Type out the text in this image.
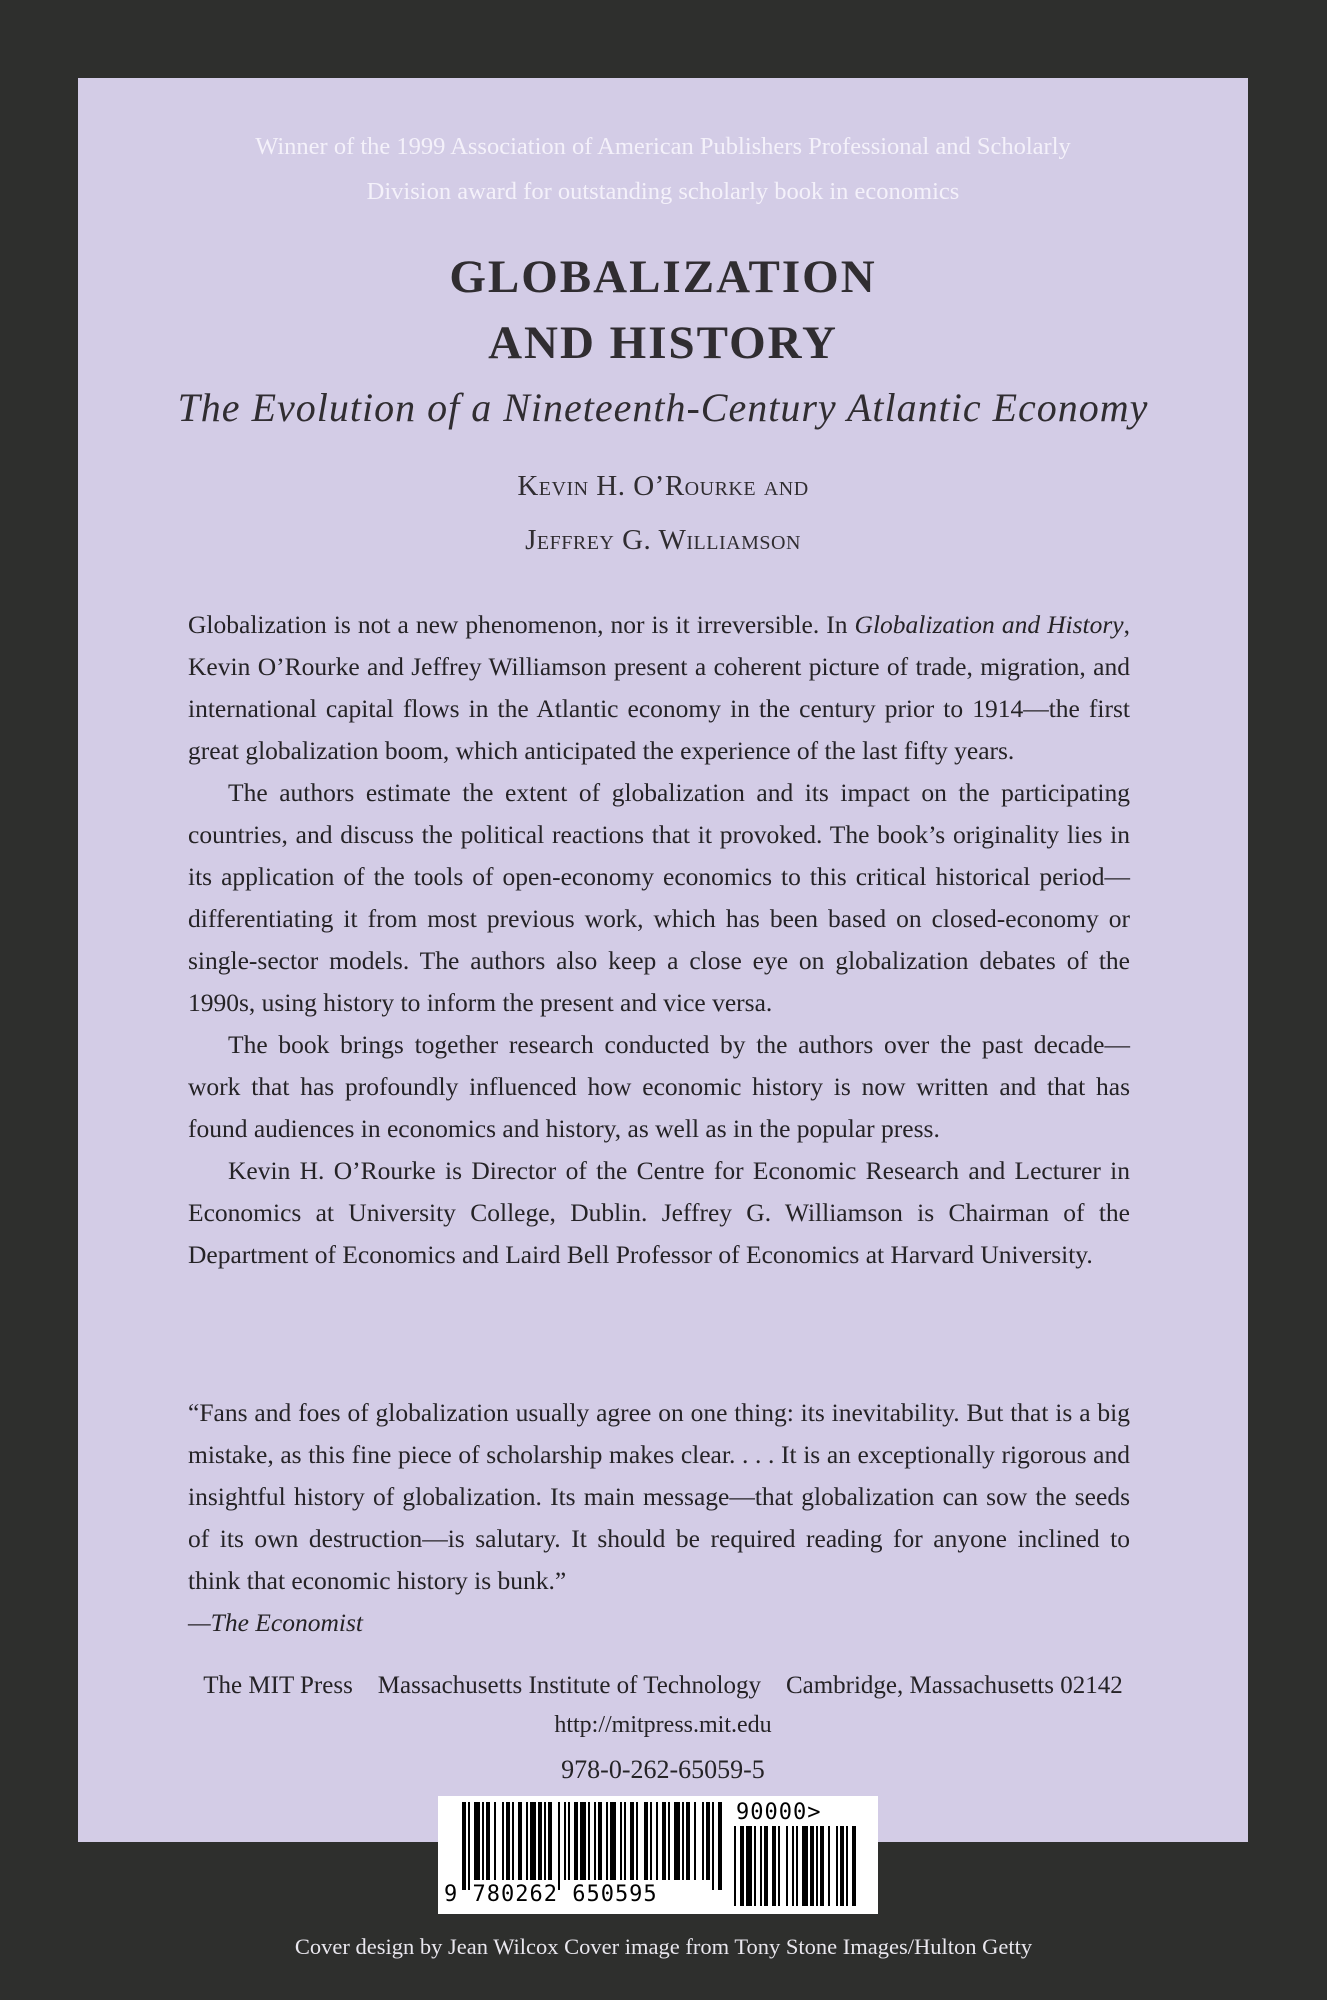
Winner of the 1999 Association of American Publishers Professional and Scholarly
Division award for outstanding scholarly book in economics
GLOBALIZATION
AND HISTORY
The Evolution of a Nineteenth-Century Atlantic Economy
Kevin H. O’Rourke and
Jeffrey G. Williamson

Globalization is not a new phenomenon, nor is it irreversible. In Globalization and History, Kevin O’Rourke and Jeffrey Williamson present a coherent picture of trade, migration, and international capital flows in the Atlantic economy in the century prior to 1914—the first great globalization boom, which anticipated the experience of the last fifty years.

The authors estimate the extent of globalization and its impact on the participating countries, and discuss the political reactions that it provoked. The book’s originality lies in its application of the tools of open-economy economics to this critical historical period—differentiating it from most previous work, which has been based on closed-economy or single-sector models. The authors also keep a close eye on globalization debates of the 1990s, using history to inform the present and vice versa.

The book brings together research conducted by the authors over the past decade—work that has profoundly influenced how economic history is now written and that has found audiences in economics and history, as well as in the popular press.

Kevin H. O’Rourke is Director of the Centre for Economic Research and Lecturer in Economics at University College, Dublin. Jeffrey G. Williamson is Chairman of the Department of Economics and Laird Bell Professor of Economics at Harvard University.

“Fans and foes of globalization usually agree on one thing: its inevitability. But that is a big mistake, as this fine piece of scholarship makes clear. . . . It is an exceptionally rigorous and insightful history of globalization. Its main message—that globalization can sow the seeds of its own destruction—is salutary. It should be required reading for anyone inclined to think that economic history is bunk.”

—The Economist

The MIT Press    Massachusetts Institute of Technology    Cambridge, Massachusetts 02142
http://mitpress.mit.edu
978-0-262-65059-5
9 780262 650595
90000>
Cover design by Jean Wilcox Cover image from Tony Stone Images/Hulton Getty
